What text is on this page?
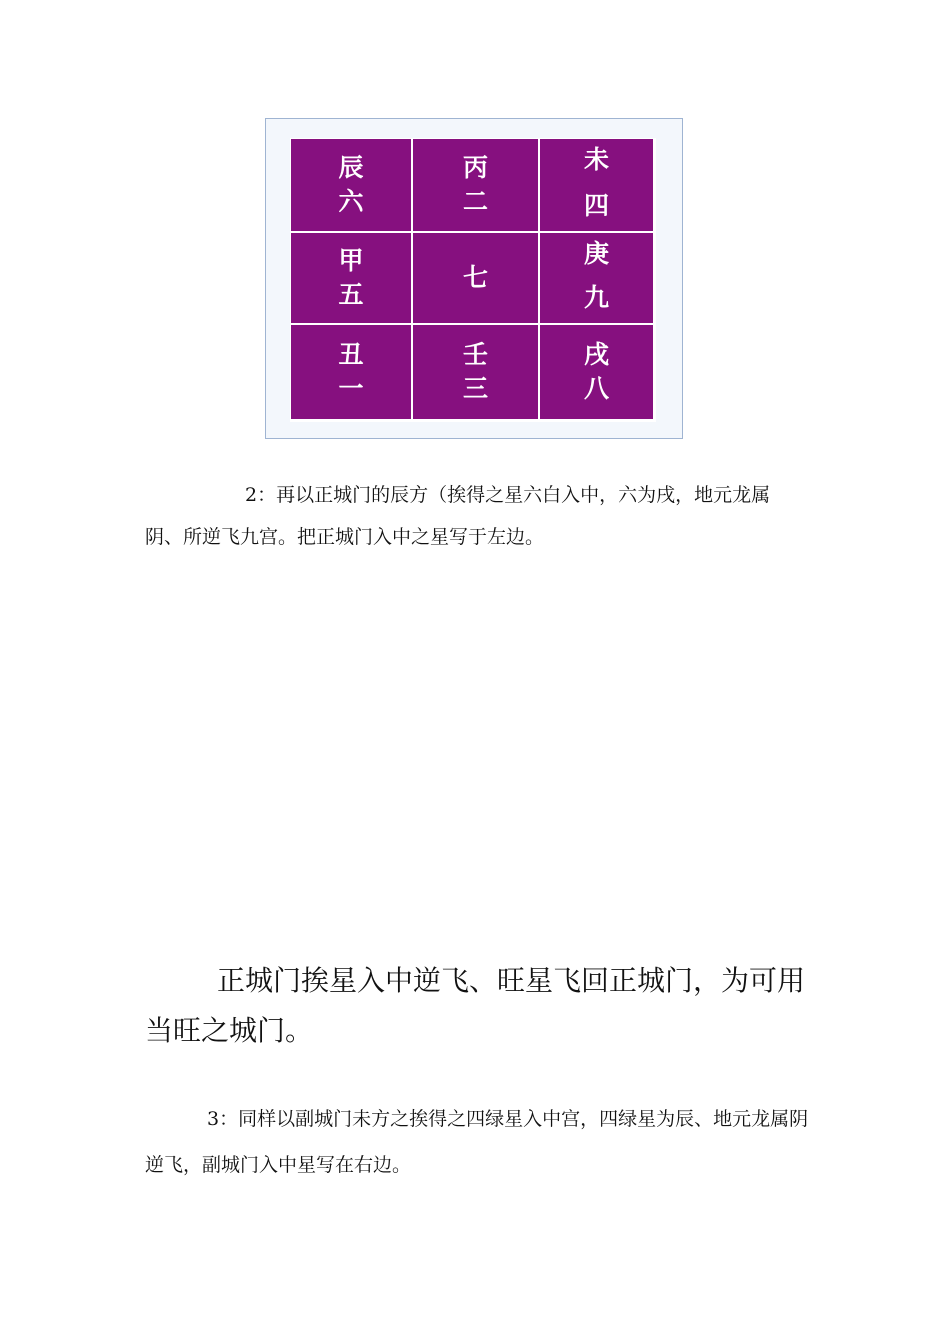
辰
六
丙
二
未
四
甲
五
七
庚
九
丑
一
壬
三
戌
八

2：再以正城门的辰方（挨得之星六白入中，六为戌，地元龙属阴、所逆飞九宫。把正城门入中之星写于左边。

正城门挨星入中逆飞、旺星飞回正城门，为可用当旺之城门。

3：同样以副城门未方之挨得之四绿星入中宫，四绿星为辰、地元龙属阴逆飞，副城门入中星写在右边。
